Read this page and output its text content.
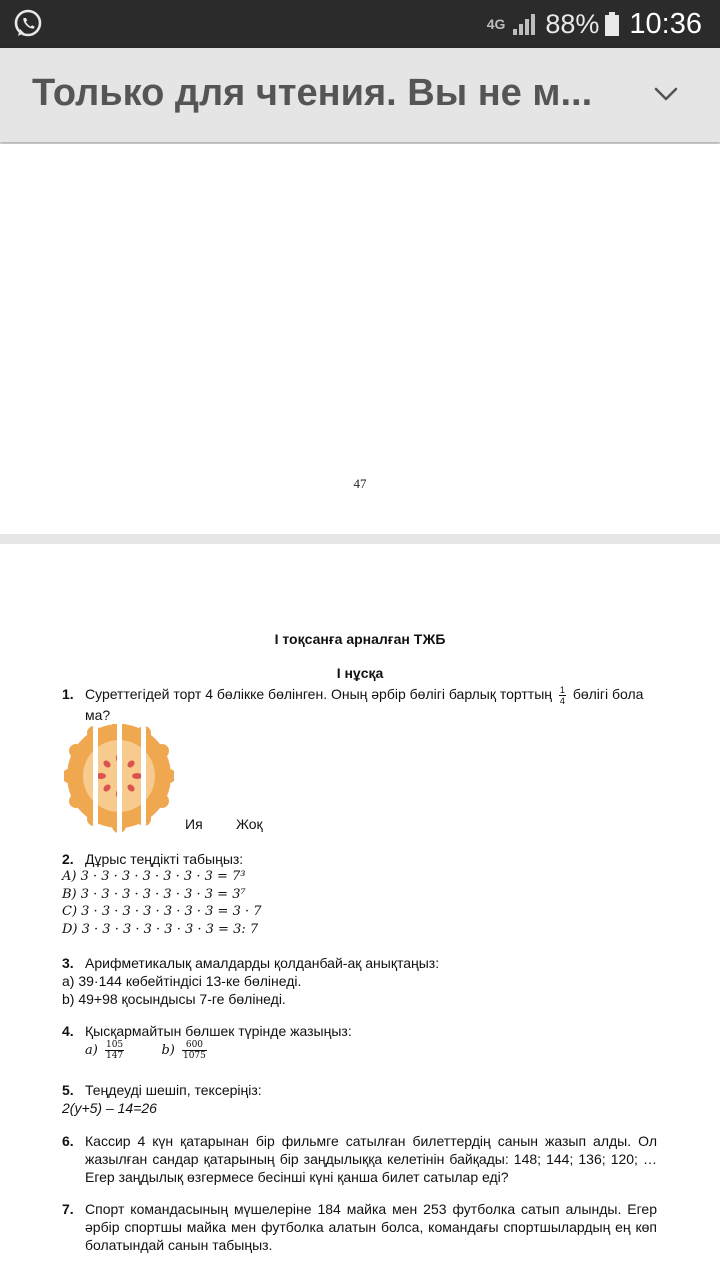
4G 88% 10:36
Только для чтения. Вы не м...
47
I тоқсанға арналған ТЖБ
I нұсқа
1. Суреттегідей торт 4 бөлікке бөлінген. Оның әрбір бөлігі барлық торттың $\frac{1}{4}$ бөлігі бола ма?
Ия Жоқ
2. Дұрыс теңдікті табыңыз:
A) 3 · 3 · 3 · 3 · 3 · 3 · 3 = 7³
B) 3 · 3 · 3 · 3 · 3 · 3 · 3 = 3⁷
C) 3 · 3 · 3 · 3 · 3 · 3 · 3 = 3 · 7
D) 3 · 3 · 3 · 3 · 3 · 3 · 3 = 3: 7
3. Арифметикалық амалдарды қолданбай-ақ анықтаңыз:
a) 39·144 көбейтіндісі 13-ке бөлінеді.
b) 49+98 қосындысы 7-ге бөлінеді.
4. Қысқармайтын бөлшек түрінде жазыңыз:
$a) \frac{105}{147}$	$b) \frac{600}{1075}$
5. Теңдеуді шешіп, тексеріңіз:
2(y+5) – 14=26
6. Кассир 4 күн қатарынан бір фильмге сатылған билеттердің санын жазып алды. Ол жазылған сандар қатарының бір заңдылыққа келетінін байқады: 148; 144; 136; 120; … Егер заңдылық өзгермесе бесінші күні қанша билет сатылар еді?
7. Спорт командасының мүшелеріне 184 майка мен 253 футболка сатып алынды. Егер әрбір спортшы майка мен футболка алатын болса, командағы спортшылардың ең көп болатындай санын табыңыз.
